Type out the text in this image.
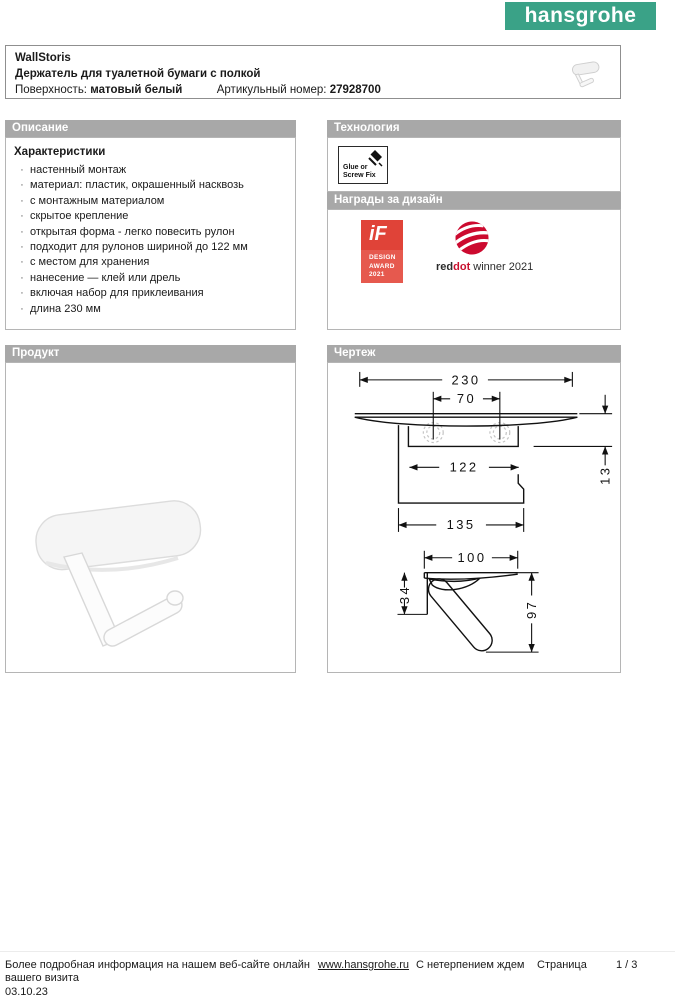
hansgrohe
WallStoris
Держатель для туалетной бумаги с полкой
Поверхность: матовый белый	Артикульный номер: 27928700
Описание
Характеристики
· настенный монтаж
· материал: пластик, окрашенный насквозь
· с монтажным материалом
· скрытое крепление
· открытая форма - легко повесить рулон
· подходит для рулонов шириной до 122 мм
· с местом для хранения
· нанесение — клей или дрель
· включая набор для приклеивания
· длина 230 мм
Технология
Glue or
Screw Fix
Награды за дизайн
iF
DESIGN
AWARD
2021
reddot winner 2021
Продукт	Чертеж
230
70
122
135
100
13
34
97
Более подробная информация на нашем веб-сайте онлайн www.hansgrohe.ru С нетерпением ждем вашего визита
Страница	1 / 3
03.10.23
